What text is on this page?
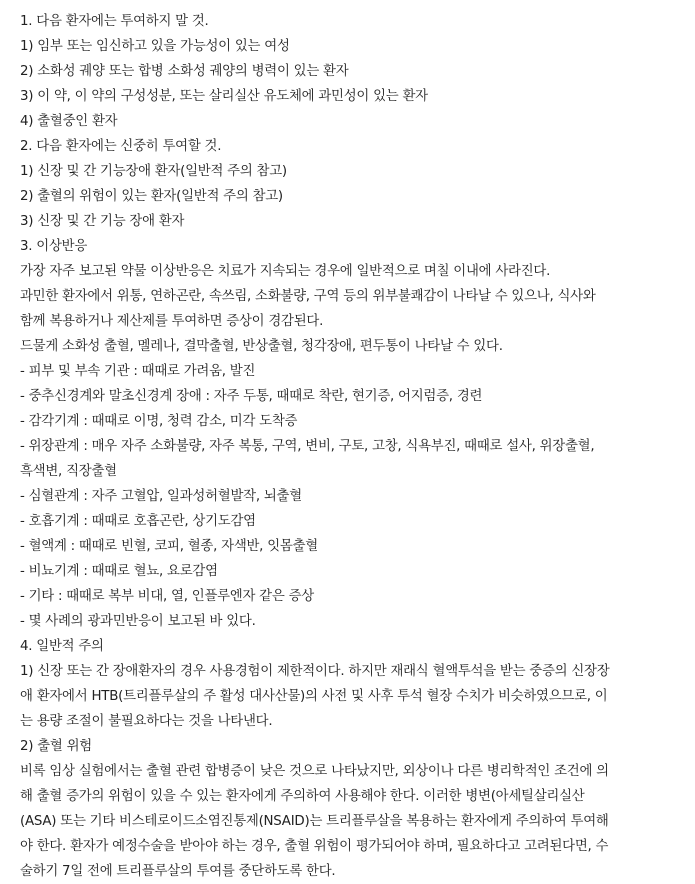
1. 다음 환자에는 투여하지 말 것.
1) 임부 또는 임신하고 있을 가능성이 있는 여성
2) 소화성 궤양 또는 합병 소화성 궤양의 병력이 있는 환자
3) 이 약, 이 약의 구성성분, 또는 살리실산 유도체에 과민성이 있는 환자
4) 출혈중인 환자
2. 다음 환자에는 신중히 투여할 것.
1) 신장 및 간 기능장애 환자(일반적 주의 참고)
2) 출혈의 위험이 있는 환자(일반적 주의 참고)
3) 신장 및 간 기능 장애 환자
3. 이상반응
가장 자주 보고된 약물 이상반응은 치료가 지속되는 경우에 일반적으로 며칠 이내에 사라진다.
과민한 환자에서 위통, 연하곤란, 속쓰림, 소화불량, 구역 등의 위부불쾌감이 나타날 수 있으나, 식사와
함께 복용하거나 제산제를 투여하면 증상이 경감된다.
드물게 소화성 출혈, 멜레나, 결막출혈, 반상출혈, 청각장애, 편두통이 나타날 수 있다.
- 피부 및 부속 기관 : 때때로 가려움, 발진
- 중추신경계와 말초신경계 장애 : 자주 두통, 때때로 착란, 현기증, 어지럼증, 경련
- 감각기계 : 때때로 이명, 청력 감소, 미각 도착증
- 위장관계 : 매우 자주 소화불량, 자주 복통, 구역, 변비, 구토, 고창, 식욕부진, 때때로 설사, 위장출혈,
흑색변, 직장출혈
- 심혈관계 : 자주 고혈압, 일과성허혈발작, 뇌출혈
- 호흡기계 : 때때로 호흡곤란, 상기도감염
- 혈액계 : 때때로 빈혈, 코피, 혈종, 자색반, 잇몸출혈
- 비뇨기계 : 때때로 혈뇨, 요로감염
- 기타 : 때때로 복부 비대, 열, 인플루엔자 같은 증상
- 몇 사례의 광과민반응이 보고된 바 있다.
4. 일반적 주의
1) 신장 또는 간 장애환자의 경우 사용경험이 제한적이다. 하지만 재래식 혈액투석을 받는 중증의 신장장
애 환자에서 HTB(트리플루살의 주 활성 대사산물)의 사전 및 사후 투석 혈장 수치가 비슷하였으므로, 이
는 용량 조절이 불필요하다는 것을 나타낸다.
2) 출혈 위험
비록 임상 실험에서는 출혈 관련 합병증이 낮은 것으로 나타났지만, 외상이나 다른 병리학적인 조건에 의
해 출혈 증가의 위험이 있을 수 있는 환자에게 주의하여 사용해야 한다. 이러한 병변(아세틸살리실산
(ASA) 또는 기타 비스테로이드소염진통제(NSAID)는 트리플루살을 복용하는 환자에게 주의하여 투여해
야 한다. 환자가 예정수술을 받아야 하는 경우, 출혈 위험이 평가되어야 하며, 필요하다고 고려된다면, 수
술하기 7일 전에 트리플루살의 투여를 중단하도록 한다.
